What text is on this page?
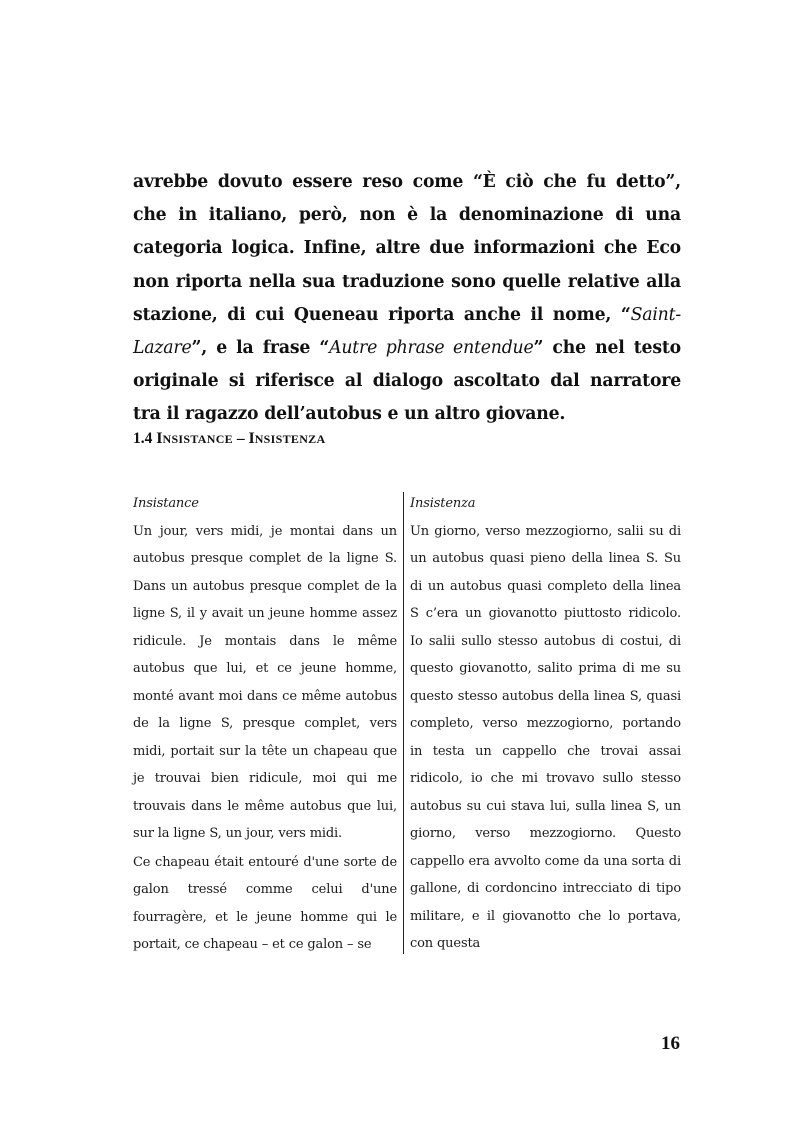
avrebbe dovuto essere reso come “È ciò che fu detto”, che in italiano, però, non è la denominazione di una categoria logica. Infine, altre due informazioni che Eco non riporta nella sua traduzione sono quelle relative alla stazione, di cui Queneau riporta anche il nome, “Saint-Lazare”, e la frase “Autre phrase entendue” che nel testo originale si riferisce al dialogo ascoltato dal narratore tra il ragazzo dell’autobus e un altro giovane.

1.4 INSISTANCE – INSISTENZA

Insistance

Un jour, vers midi, je montai dans un autobus presque complet de la ligne S. Dans un autobus presque complet de la ligne S, il y avait un jeune homme assez ridicule. Je montais dans le même autobus que lui, et ce jeune homme, monté avant moi dans ce même autobus de la ligne S, presque complet, vers midi, portait sur la tête un chapeau que je trouvai bien ridicule, moi qui me trouvais dans le même autobus que lui, sur la ligne S, un jour, vers midi.

Ce chapeau était entouré d'une sorte de galon tressé comme celui d'une fourragère, et le jeune homme qui le portait, ce chapeau – et ce galon – se

Insistenza

Un giorno, verso mezzogiorno, salii su di un autobus quasi pieno della linea S. Su di un autobus quasi completo della linea S c’era un giovanotto piuttosto ridicolo. Io salii sullo stesso autobus di costui, di questo giovanotto, salito prima di me su questo stesso autobus della linea S, quasi completo, verso mezzogiorno, portando in testa un cappello che trovai assai ridicolo, io che mi trovavo sullo stesso autobus su cui stava lui, sulla linea S, un giorno, verso mezzogiorno. Questo cappello era avvolto come da una sorta di gallone, di cordoncino intrecciato di tipo militare, e il giovanotto che lo portava, con questa

16
